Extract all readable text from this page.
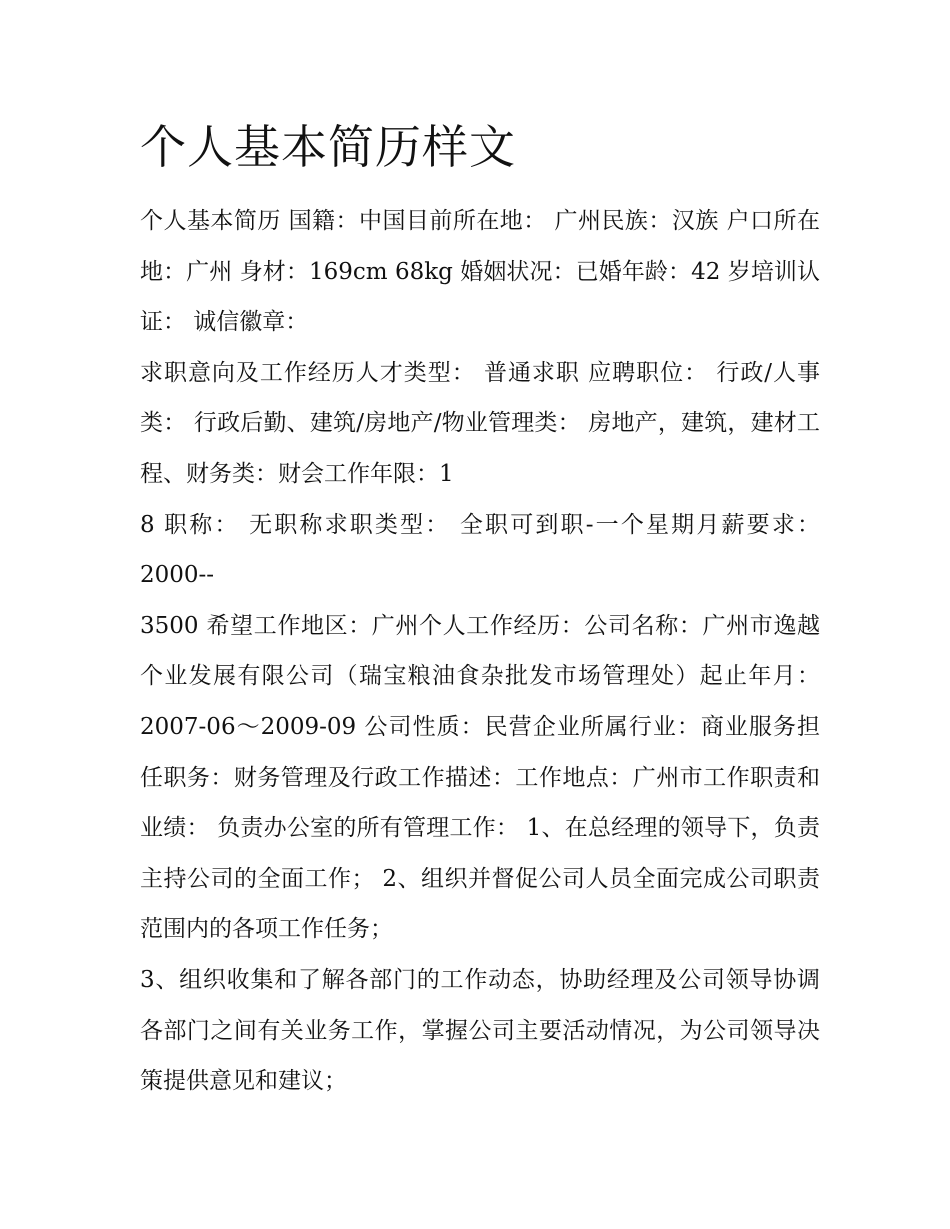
个人基本简历样文

个人基本简历 国籍：中国目前所在地： 广州民族：汉族 户口所在地：广州 身材：169cm 68kg 婚姻状况：已婚年龄：42 岁培训认证： 诚信徽章：

求职意向及工作经历人才类型： 普通求职 应聘职位： 行政/人事类： 行政后勤、建筑/房地产/物业管理类： 房地产，建筑，建材工程、财务类：财会工作年限：1

8 职称： 无职称求职类型： 全职可到职-一个星期月薪要求：2000--

3500 希望工作地区：广州个人工作经历：公司名称：广州市逸越个业发展有限公司（瑞宝粮油食杂批发市场管理处）起止年月：2007-06～2009-09 公司性质：民营企业所属行业：商业服务担任职务：财务管理及行政工作描述：工作地点：广州市工作职责和业绩： 负责办公室的所有管理工作： 1、在总经理的领导下，负责主持公司的全面工作； 2、组织并督促公司人员全面完成公司职责范围内的各项工作任务；

3、组织收集和了解各部门的工作动态，协助经理及公司领导协调各部门之间有关业务工作，掌握公司主要活动情况，为公司领导决策提供意见和建议；
